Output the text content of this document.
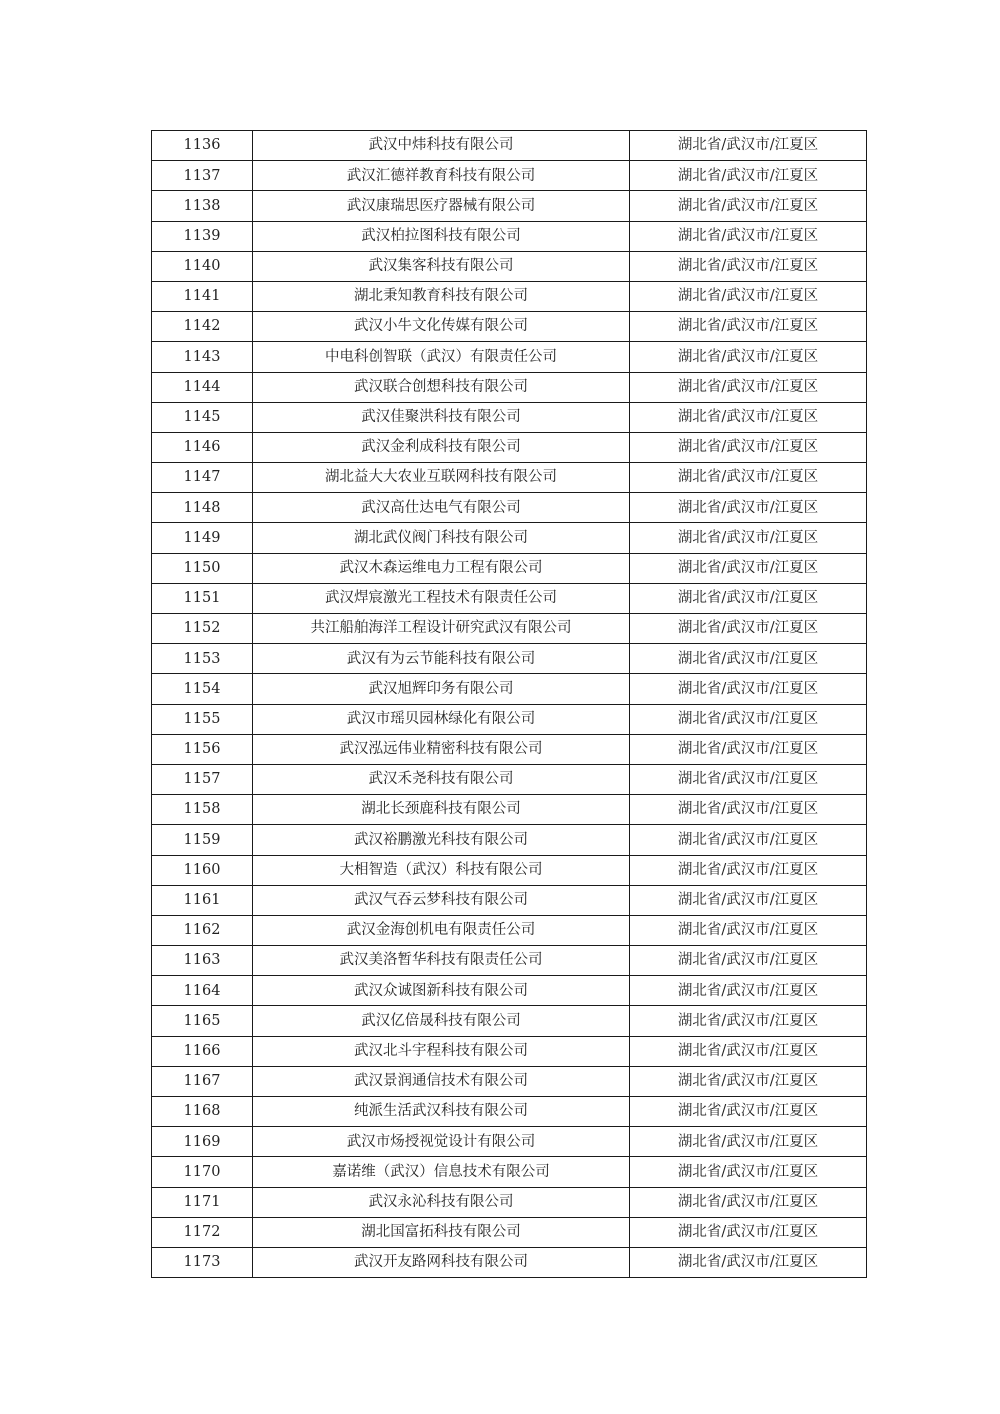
1136	武汉中炜科技有限公司	湖北省/武汉市/江夏区
1137	武汉汇德祥教育科技有限公司	湖北省/武汉市/江夏区
1138	武汉康瑞思医疗器械有限公司	湖北省/武汉市/江夏区
1139	武汉柏拉图科技有限公司	湖北省/武汉市/江夏区
1140	武汉集客科技有限公司	湖北省/武汉市/江夏区
1141	湖北秉知教育科技有限公司	湖北省/武汉市/江夏区
1142	武汉小牛文化传媒有限公司	湖北省/武汉市/江夏区
1143	中电科创智联（武汉）有限责任公司	湖北省/武汉市/江夏区
1144	武汉联合创想科技有限公司	湖北省/武汉市/江夏区
1145	武汉佳聚洪科技有限公司	湖北省/武汉市/江夏区
1146	武汉金利成科技有限公司	湖北省/武汉市/江夏区
1147	湖北益大大农业互联网科技有限公司	湖北省/武汉市/江夏区
1148	武汉高仕达电气有限公司	湖北省/武汉市/江夏区
1149	湖北武仪阀门科技有限公司	湖北省/武汉市/江夏区
1150	武汉木森运维电力工程有限公司	湖北省/武汉市/江夏区
1151	武汉焊宸激光工程技术有限责任公司	湖北省/武汉市/江夏区
1152	共江船舶海洋工程设计研究武汉有限公司	湖北省/武汉市/江夏区
1153	武汉有为云节能科技有限公司	湖北省/武汉市/江夏区
1154	武汉旭辉印务有限公司	湖北省/武汉市/江夏区
1155	武汉市瑶贝园林绿化有限公司	湖北省/武汉市/江夏区
1156	武汉泓远伟业精密科技有限公司	湖北省/武汉市/江夏区
1157	武汉禾尧科技有限公司	湖北省/武汉市/江夏区
1158	湖北长颈鹿科技有限公司	湖北省/武汉市/江夏区
1159	武汉裕鹏激光科技有限公司	湖北省/武汉市/江夏区
1160	大相智造（武汉）科技有限公司	湖北省/武汉市/江夏区
1161	武汉气吞云梦科技有限公司	湖北省/武汉市/江夏区
1162	武汉金海创机电有限责任公司	湖北省/武汉市/江夏区
1163	武汉美洛暂华科技有限责任公司	湖北省/武汉市/江夏区
1164	武汉众诚图新科技有限公司	湖北省/武汉市/江夏区
1165	武汉亿倍晟科技有限公司	湖北省/武汉市/江夏区
1166	武汉北斗宇程科技有限公司	湖北省/武汉市/江夏区
1167	武汉景润通信技术有限公司	湖北省/武汉市/江夏区
1168	纯派生活武汉科技有限公司	湖北省/武汉市/江夏区
1169	武汉市炀授视觉设计有限公司	湖北省/武汉市/江夏区
1170	嘉诺维（武汉）信息技术有限公司	湖北省/武汉市/江夏区
1171	武汉永沁科技有限公司	湖北省/武汉市/江夏区
1172	湖北国富拓科技有限公司	湖北省/武汉市/江夏区
1173	武汉开友路网科技有限公司	湖北省/武汉市/江夏区
